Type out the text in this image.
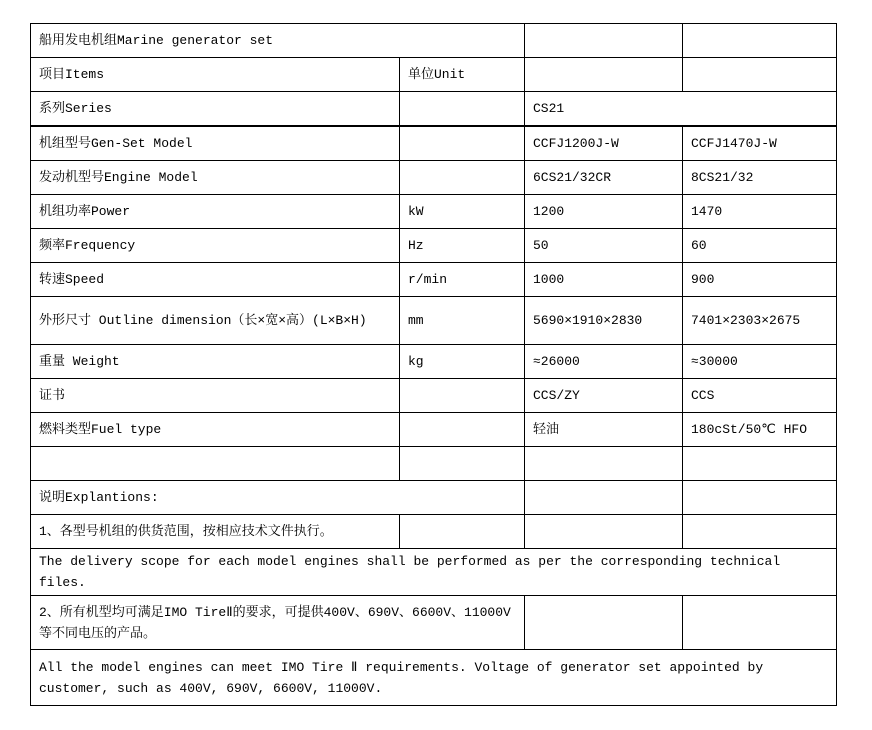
船用发电机组Marine generator set			
项目Items	单位Unit		
系列Series		CS21	
机组型号Gen-Set Model		CCFJ1200J-W	CCFJ1470J-W
发动机型号Engine Model		6CS21/32CR	8CS21/32
机组功率Power	kW	1200	1470
频率Frequency	Hz	50	60
转速Speed	r/min	1000	900
外形尺寸 Outline dimension（长×宽×高）(L×B×H)	mm	5690×1910×2830	7401×2303×2675
重量 Weight	kg	≈26000	≈30000
证书		CCS/ZY	CCS
燃料类型Fuel type		轻油	180cSt/50℃ HFO

说明Explantions:			
1、各型号机组的供货范围，按相应技术文件执行。			
The delivery scope for each model engines shall be performed as per the corresponding technical files.			
2、所有机型均可满足IMO TireⅡ的要求，可提供400V、690V、6600V、11000V等不同电压的产品。			
All the model engines can meet IMO Tire Ⅱ requirements. Voltage of generator set appointed by customer, such as 400V, 690V, 6600V, 11000V.			
